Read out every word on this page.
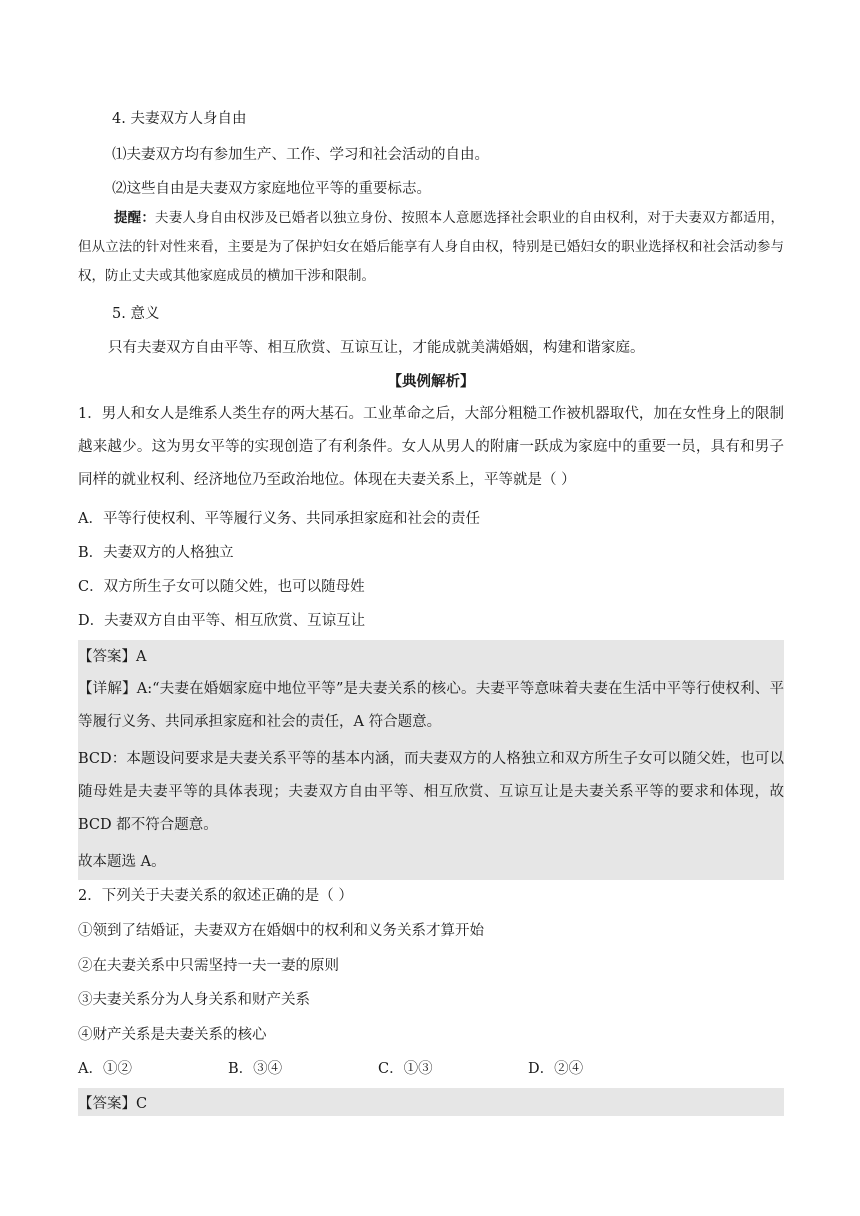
4. 夫妻双方人身自由
⑴夫妻双方均有参加生产、工作、学习和社会活动的自由。
⑵这些自由是夫妻双方家庭地位平等的重要标志。
提醒：夫妻人身自由权涉及已婚者以独立身份、按照本人意愿选择社会职业的自由权利，对于夫妻双方都适用，但从立法的针对性来看，主要是为了保护妇女在婚后能享有人身自由权，特别是已婚妇女的职业选择权和社会活动参与权，防止丈夫或其他家庭成员的横加干涉和限制。
5. 意义
只有夫妻双方自由平等、相互欣赏、互谅互让，才能成就美满婚姻，构建和谐家庭。
【典例解析】
1．男人和女人是维系人类生存的两大基石。工业革命之后，大部分粗糙工作被机器取代，加在女性身上的限制越来越少。这为男女平等的实现创造了有利条件。女人从男人的附庸一跃成为家庭中的重要一员，具有和男子同样的就业权利、经济地位乃至政治地位。体现在夫妻关系上，平等就是（ ）
A．平等行使权利、平等履行义务、共同承担家庭和社会的责任
B．夫妻双方的人格独立
C．双方所生子女可以随父姓，也可以随母姓
D．夫妻双方自由平等、相互欣赏、互谅互让
【答案】A
【详解】A:“夫妻在婚姻家庭中地位平等”是夫妻关系的核心。夫妻平等意味着夫妻在生活中平等行使权利、平等履行义务、共同承担家庭和社会的责任，A 符合题意。
BCD：本题设问要求是夫妻关系平等的基本内涵，而夫妻双方的人格独立和双方所生子女可以随父姓，也可以随母姓是夫妻平等的具体表现；夫妻双方自由平等、相互欣赏、互谅互让是夫妻关系平等的要求和体现，故 BCD 都不符合题意。
故本题选 A。
2．下列关于夫妻关系的叙述正确的是（ ）
①领到了结婚证，夫妻双方在婚姻中的权利和义务关系才算开始
②在夫妻关系中只需坚持一夫一妻的原则
③夫妻关系分为人身关系和财产关系
④财产关系是夫妻关系的核心
A．①②	B．③④	C．①③	D．②④
【答案】C
